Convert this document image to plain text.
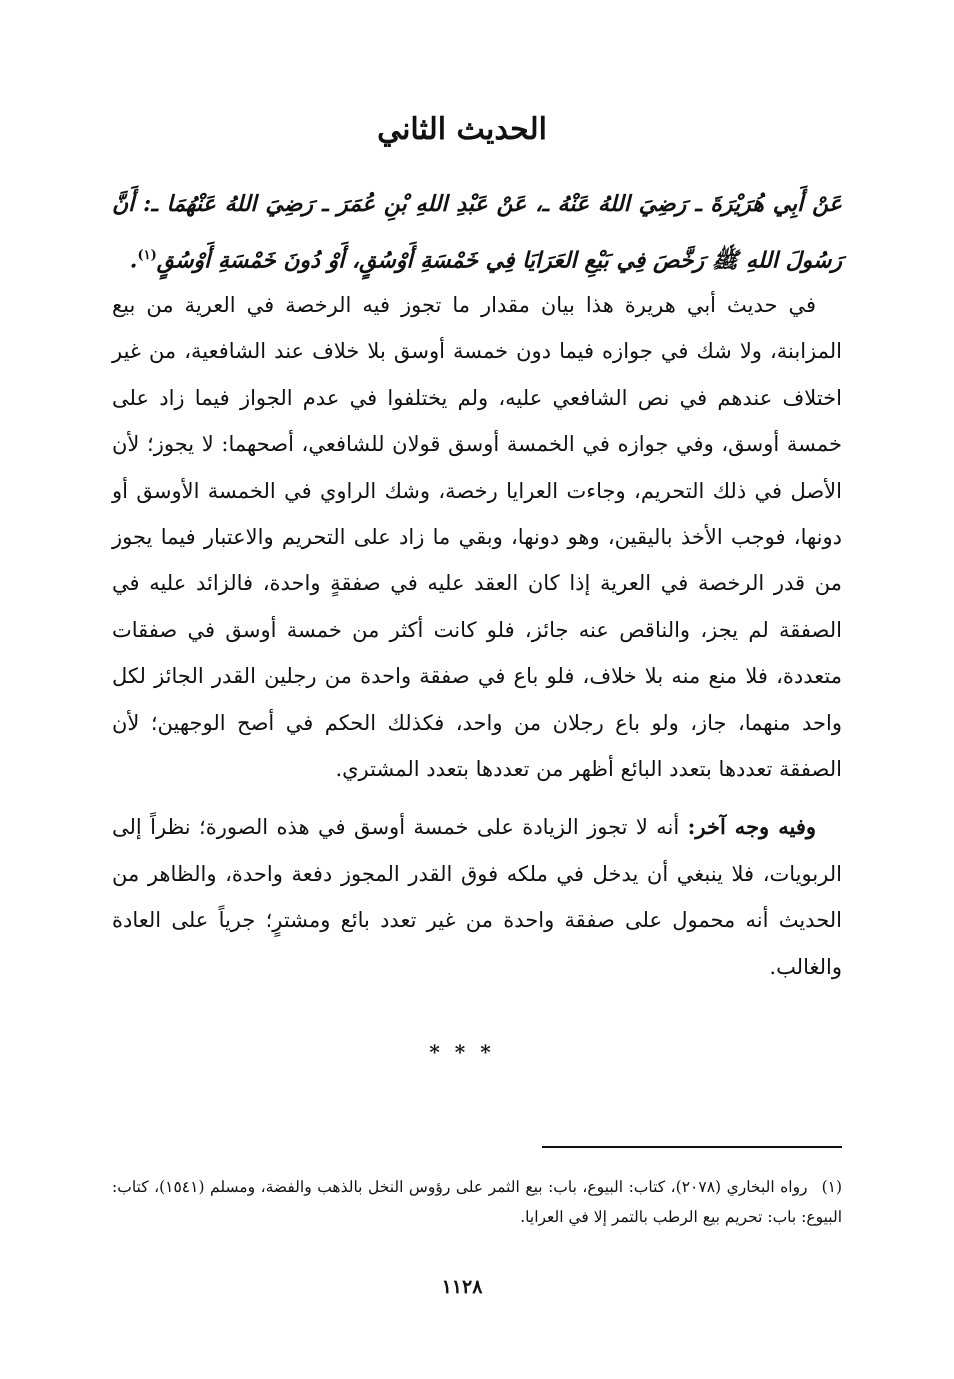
الحديث الثاني

عَنْ أَبِي هُرَيْرَةَ ـ رَضِيَ اللهُ عَنْهُ ـ، عَنْ عَبْدِ اللهِ بْنِ عُمَرَ ـ رَضِيَ اللهُ عَنْهُمَا ـ: أَنَّ رَسُولَ اللهِ ﷺ رَخَّصَ فِي بَيْعِ العَرَايَا فِي خَمْسَةِ أَوْسُقٍ، أَوْ دُونَ خَمْسَةِ أَوْسُقٍ$^{(١)}$.

في حديث أبي هريرة هذا بيان مقدار ما تجوز فيه الرخصة في العرية من بيع المزابنة، ولا شك في جوازه فيما دون خمسة أوسق بلا خلاف عند الشافعية، من غير اختلاف عندهم في نص الشافعي عليه، ولم يختلفوا في عدم الجواز فيما زاد على خمسة أوسق، وفي جوازه في الخمسة أوسق قولان للشافعي، أصحهما: لا يجوز؛ لأن الأصل في ذلك التحريم، وجاءت العرايا رخصة، وشك الراوي في الخمسة الأوسق أو دونها، فوجب الأخذ باليقين، وهو دونها، وبقي ما زاد على التحريم والاعتبار فيما يجوز من قدر الرخصة في العرية إذا كان العقد عليه في صفقةٍ واحدة، فالزائد عليه في الصفقة لم يجز، والناقص عنه جائز، فلو كانت أكثر من خمسة أوسق في صفقات متعددة، فلا منع منه بلا خلاف، فلو باع في صفقة واحدة من رجلين القدر الجائز لكل واحد منهما، جاز، ولو باع رجلان من واحد، فكذلك الحكم في أصح الوجهين؛ لأن الصفقة تعددها بتعدد البائع أظهر من تعددها بتعدد المشتري.

وفيه وجه آخر: أنه لا تجوز الزيادة على خمسة أوسق في هذه الصورة؛ نظراً إلى الربويات، فلا ينبغي أن يدخل في ملكه فوق القدر المجوز دفعة واحدة، والظاهر من الحديث أنه محمول على صفقة واحدة من غير تعدد بائع ومشترٍ؛ جرياً على العادة والغالب.

* * *

(١)رواه البخاري (٢٠٧٨)، كتاب: البيوع، باب: بيع الثمر على رؤوس النخل بالذهب والفضة، ومسلم (١٥٤١)، كتاب: البيوع: باب: تحريم بيع الرطب بالتمر إلا في العرايا.

١١٢٨
